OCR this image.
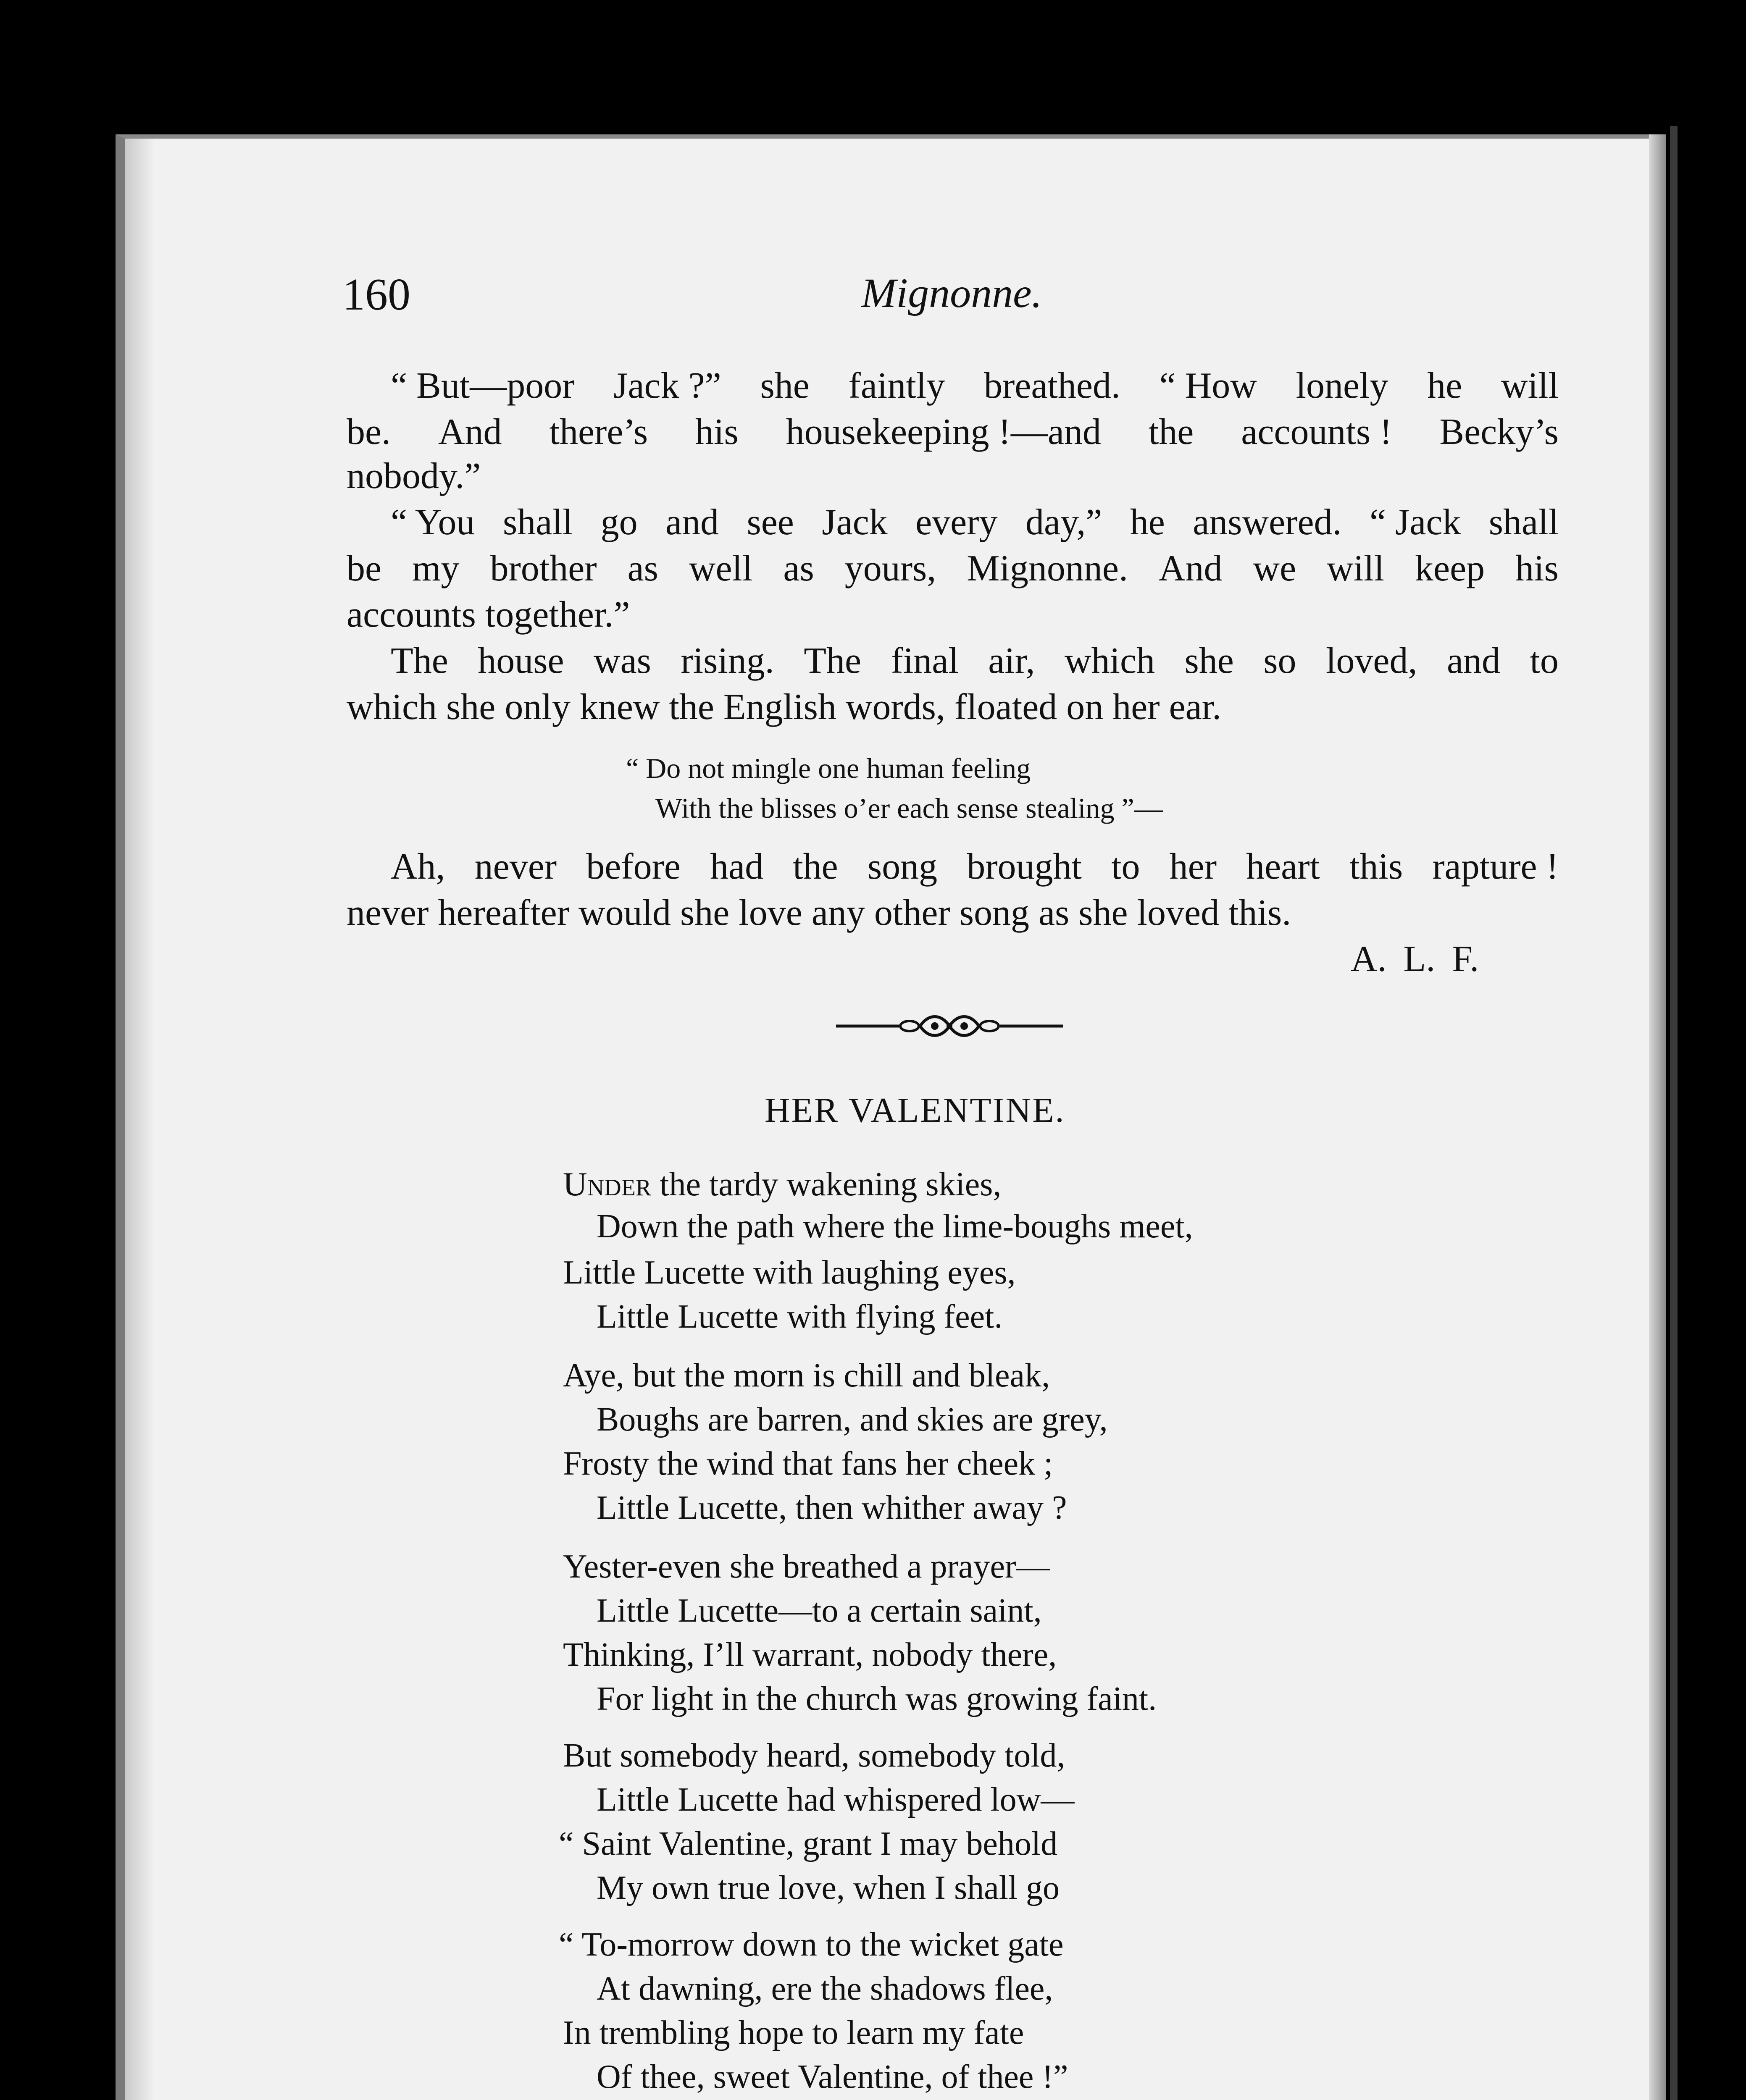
160	Mignonne.
“ But—poor Jack ?” she faintly breathed. “ How lonely he will
be. And there’s his housekeeping !—and the accounts ! Becky’s
nobody.”
“ You shall go and see Jack every day,” he answered. “ Jack shall
be my brother as well as yours, Mignonne. And we will keep his
accounts together.”
The house was rising. The final air, which she so loved, and to
which she only knew the English words, floated on her ear.
“ Do not mingle one human feeling
With the blisses o’er each sense stealing ”—
Ah, never before had the song brought to her heart this rapture !
never hereafter would she love any other song as she loved this.
A. L. F.
HER VALENTINE.
Under the tardy wakening skies,
Down the path where the lime-boughs meet,
Little Lucette with laughing eyes,
Little Lucette with flying feet.
Aye, but the morn is chill and bleak,
Boughs are barren, and skies are grey,
Frosty the wind that fans her cheek ;
Little Lucette, then whither away ?
Yester-even she breathed a prayer—
Little Lucette—to a certain saint,
Thinking, I’ll warrant, nobody there,
For light in the church was growing faint.
But somebody heard, somebody told,
Little Lucette had whispered low—
“ Saint Valentine, grant I may behold
My own true love, when I shall go
“ To-morrow down to the wicket gate
At dawning, ere the shadows flee,
In trembling hope to learn my fate
Of thee, sweet Valentine, of thee !”
